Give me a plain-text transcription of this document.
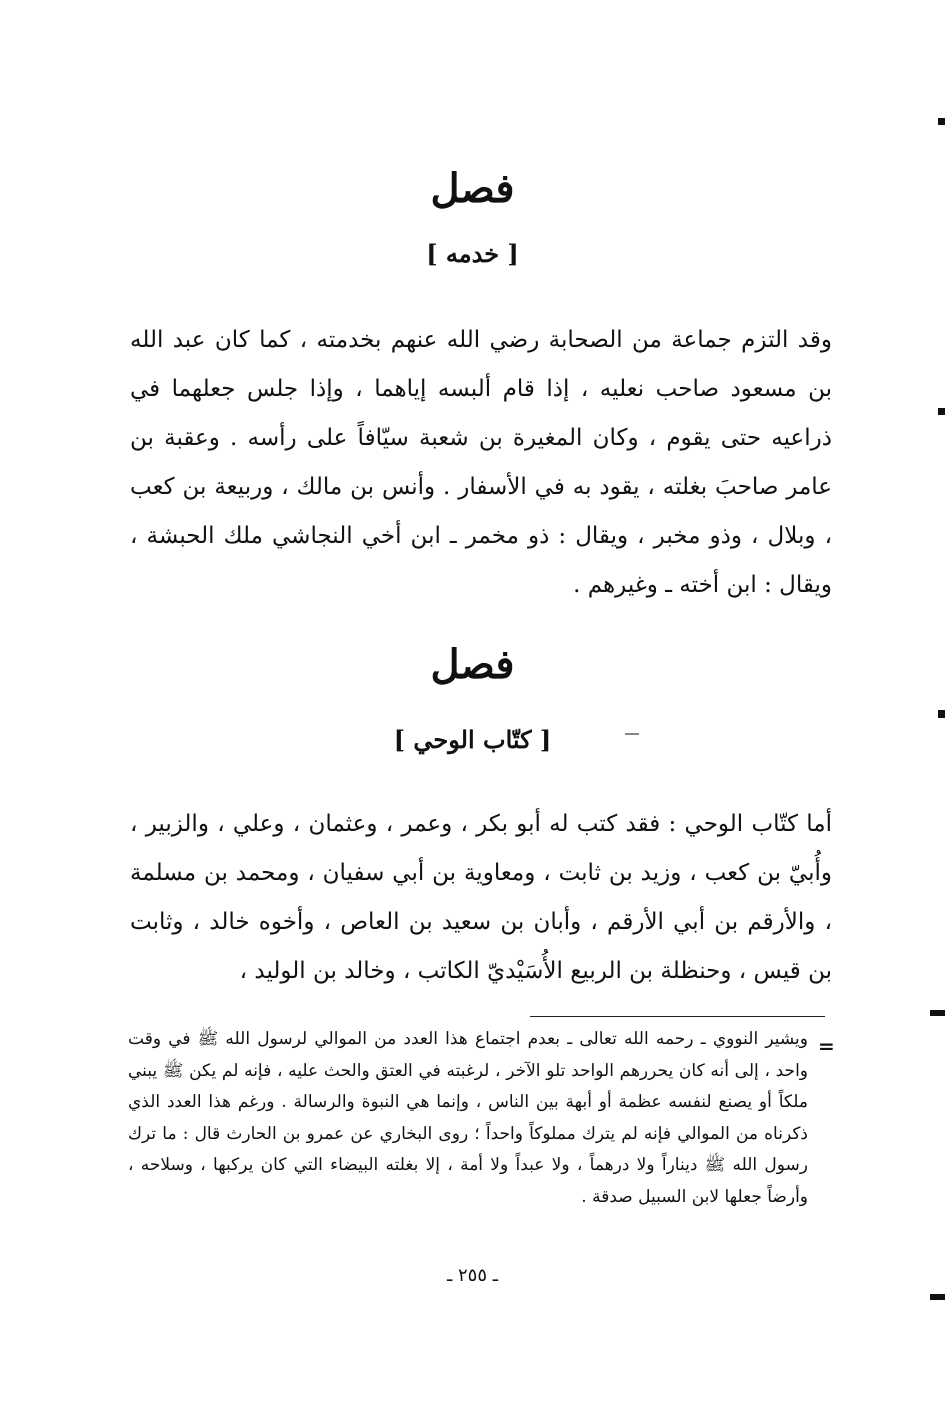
فصل
[ خدمه ]

وقد التزم جماعة من الصحابة رضي الله عنهم بخدمته ، كما كان عبد الله بن مسعود صاحب نعليه ، إذا قام ألبسه إياهما ، وإذا جلس جعلهما في ذراعيه حتى يقوم ، وكان المغيرة بن شعبة سيّافاً على رأسه . وعقبة بن عامر صاحبَ بغلته ، يقود به في الأسفار . وأنس بن مالك ، وربيعة بن كعب ، وبلال ، وذو مخبر ، ويقال : ذو مخمر ـ ابن أخي النجاشي ملك الحبشة ، ويقال : ابن أخته ـ وغيرهم .

فصل
[ كتّاب الوحي ]

أما كتّاب الوحي : فقد كتب له أبو بكر ، وعمر ، وعثمان ، وعلي ، والزبير ، وأُبيّ بن كعب ، وزيد بن ثابت ، ومعاوية بن أبي سفيان ، ومحمد بن مسلمة ، والأرقم بن أبي الأرقم ، وأبان بن سعيد بن العاص ، وأخوه خالد ، وثابت بن قيس ، وحنظلة بن الربيع الأُسَيْديّ الكاتب ، وخالد بن الوليد ،

=

ويشير النووي ـ رحمه الله تعالى ـ بعدم اجتماع هذا العدد من الموالي لرسول الله ﷺ في وقت واحد ، إلى أنه كان يحررهم الواحد تلو الآخر ، لرغبته في العتق والحث عليه ، فإنه لم يكن ﷺ يبني ملكاً أو يصنع لنفسه عظمة أو أبهة بين الناس ، وإنما هي النبوة والرسالة . ورغم هذا العدد الذي ذكرناه من الموالي فإنه لم يترك مملوكاً واحداً ؛ روى البخاري عن عمرو بن الحارث قال : ما ترك رسول الله ﷺ ديناراً ولا درهماً ، ولا عبداً ولا أمة ، إلا بغلته البيضاء التي كان يركبها ، وسلاحه ، وأرضاً جعلها لابن السبيل صدقة .

ـ ٢٥٥ ـ
